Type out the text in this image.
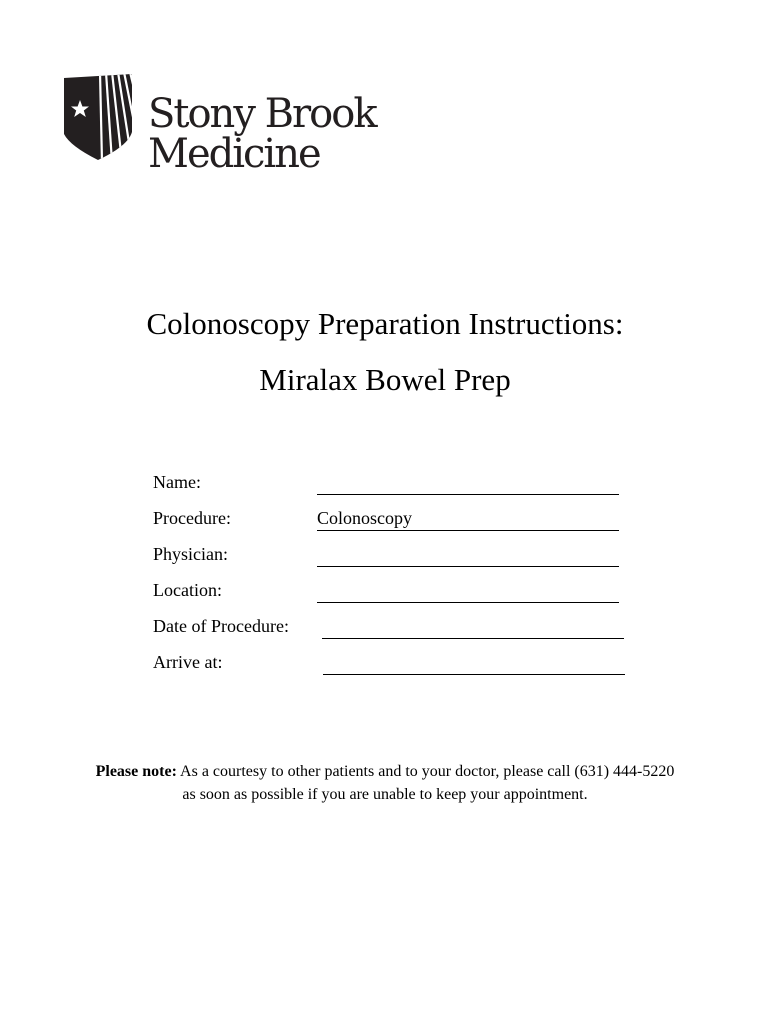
Stony Brook
Medicine
Colonoscopy Preparation Instructions:
Miralax Bowel Prep
Name:
Procedure:	Colonoscopy
Physician:
Location:
Date of Procedure:
Arrive at:
Please note: As a courtesy to other patients and to your doctor, please call (631) 444-5220
as soon as possible if you are unable to keep your appointment.
